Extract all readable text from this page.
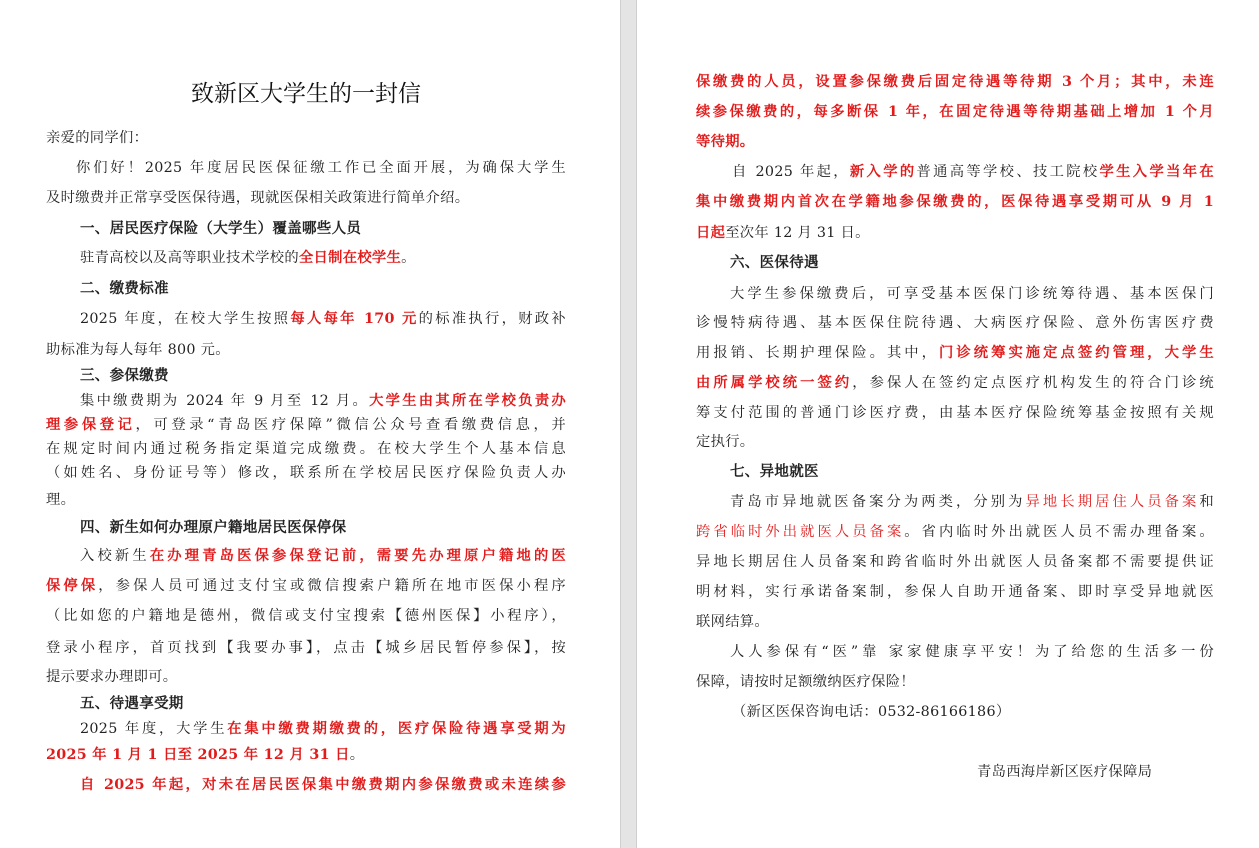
致新区大学生的一封信
亲爱的同学们：
你们好！2025 年度居民医保征缴工作已全面开展，为确保大学生
及时缴费并正常享受医保待遇，现就医保相关政策进行简单介绍。
一、居民医疗保险（大学生）覆盖哪些人员
驻青高校以及高等职业技术学校的全日制在校学生。
二、缴费标准
2025 年度，在校大学生按照每人每年 170 元的标准执行，财政补
助标准为每人每年 800 元。
三、参保缴费
集中缴费期为 2024 年 9 月至 12 月。大学生由其所在学校负责办
理参保登记，可登录“青岛医疗保障”微信公众号查看缴费信息，并
在规定时间内通过税务指定渠道完成缴费。在校大学生个人基本信息
（如姓名、身份证号等）修改，联系所在学校居民医疗保险负责人办
理。
四、新生如何办理原户籍地居民医保停保
入校新生在办理青岛医保参保登记前，需要先办理原户籍地的医
保停保，参保人员可通过支付宝或微信搜索户籍所在地市医保小程序
（比如您的户籍地是德州，微信或支付宝搜索【德州医保】小程序），
登录小程序，首页找到【我要办事】，点击【城乡居民暂停参保】，按
提示要求办理即可。
五、待遇享受期
2025 年度，大学生在集中缴费期缴费的，医疗保险待遇享受期为
2025 年 1 月 1 日至 2025 年 12 月 31 日。
自 2025 年起，对未在居民医保集中缴费期内参保缴费或未连续参
保缴费的人员，设置参保缴费后固定待遇等待期 3 个月；其中，未连
续参保缴费的，每多断保 1 年，在固定待遇等待期基础上增加 1 个月
等待期。
自 2025 年起，新入学的普通高等学校、技工院校学生入学当年在
集中缴费期内首次在学籍地参保缴费的，医保待遇享受期可从 9 月 1
日起至次年 12 月 31 日。
六、医保待遇
大学生参保缴费后，可享受基本医保门诊统筹待遇、基本医保门
诊慢特病待遇、基本医保住院待遇、大病医疗保险、意外伤害医疗费
用报销、长期护理保险。其中，门诊统筹实施定点签约管理，大学生
由所属学校统一签约，参保人在签约定点医疗机构发生的符合门诊统
筹支付范围的普通门诊医疗费，由基本医疗保险统筹基金按照有关规
定执行。
七、异地就医
青岛市异地就医备案分为两类，分别为异地长期居住人员备案和
跨省临时外出就医人员备案。省内临时外出就医人员不需办理备案。
异地长期居住人员备案和跨省临时外出就医人员备案都不需要提供证
明材料，实行承诺备案制，参保人自助开通备案、即时享受异地就医
联网结算。
人人参保有“医”靠 家家健康享平安！为了给您的生活多一份
保障，请按时足额缴纳医疗保险！
（新区医保咨询电话：0532-86166186）
青岛西海岸新区医疗保障局
